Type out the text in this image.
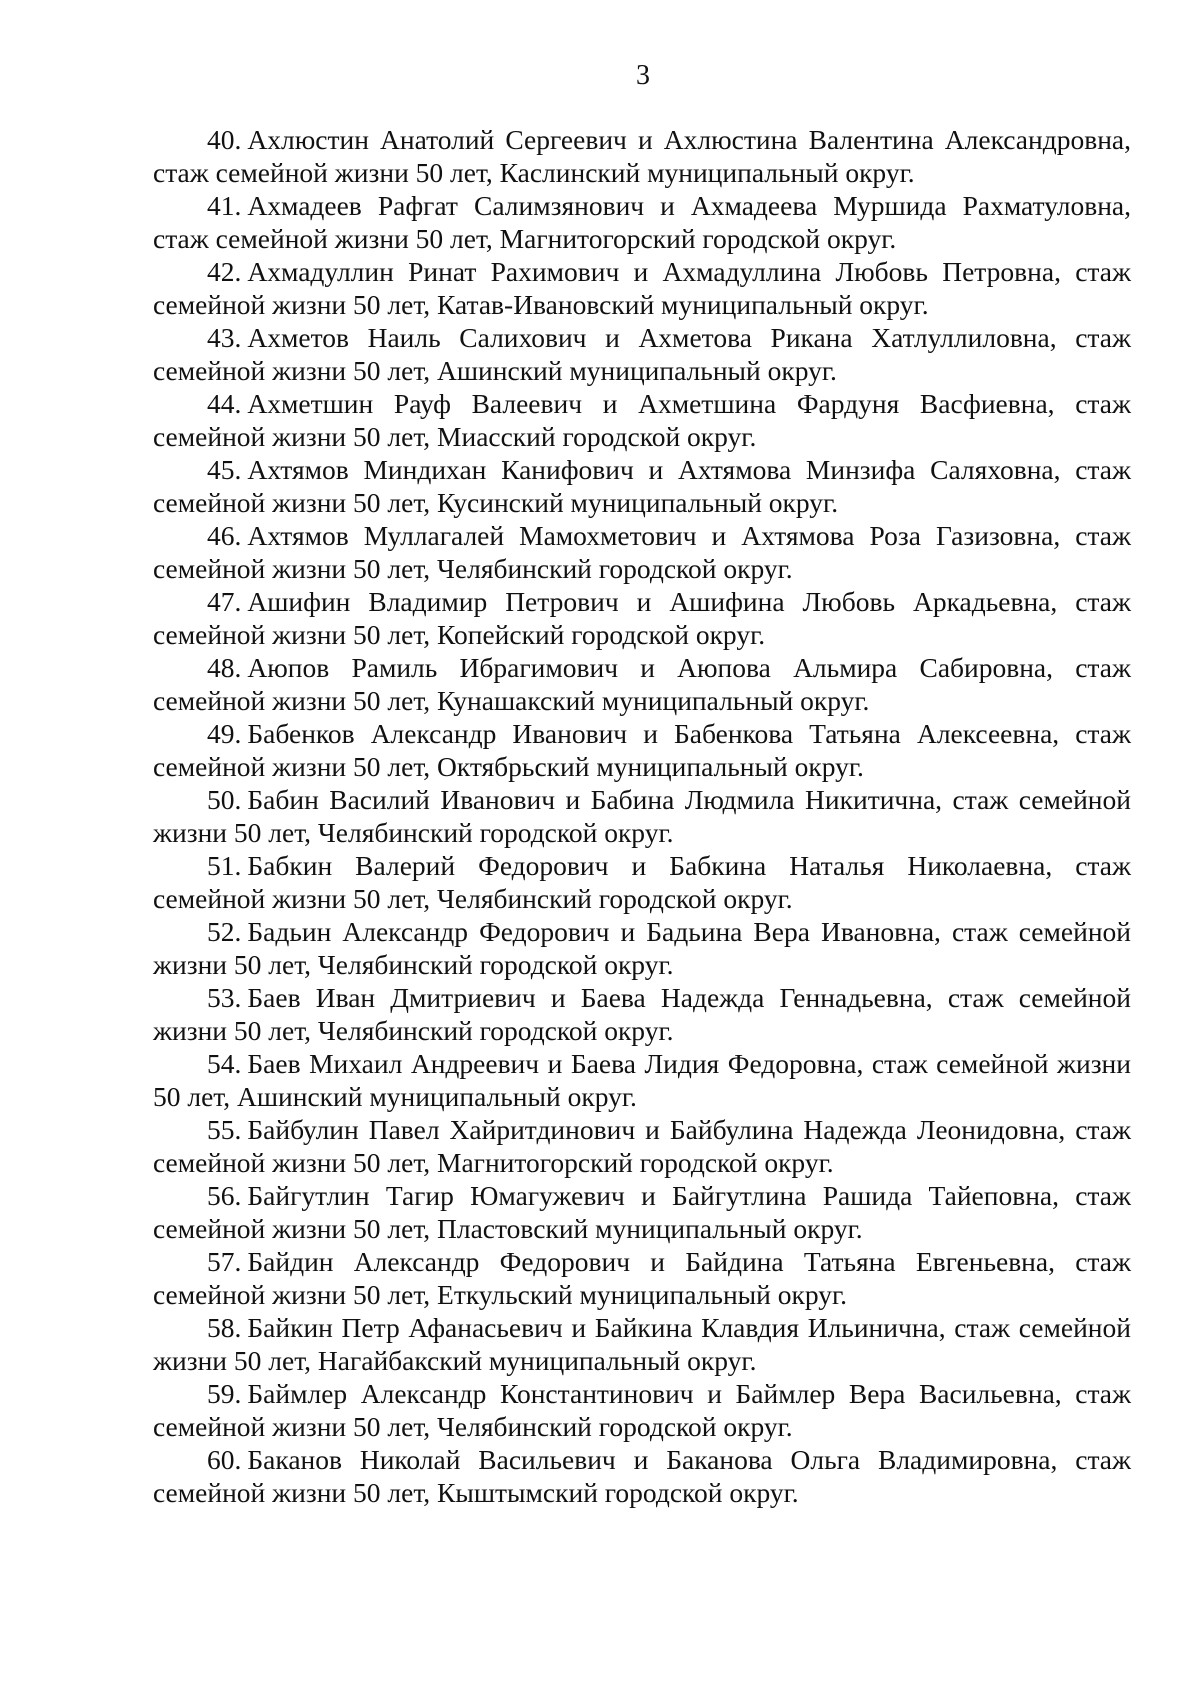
3

40. Ахлюстин Анатолий Сергеевич и Ахлюстина Валентина Александровна, стаж семейной жизни 50 лет, Каслинский муниципальный округ.

41. Ахмадеев Рафгат Салимзянович и Ахмадеева Муршида Рахматуловна, стаж семейной жизни 50 лет, Магнитогорский городской округ.

42. Ахмадуллин Ринат Рахимович и Ахмадуллина Любовь Петровна, стаж семейной жизни 50 лет, Катав-Ивановский муниципальный округ.

43. Ахметов Наиль Салихович и Ахметова Рикана Хатлуллиловна, стаж семейной жизни 50 лет, Ашинский муниципальный округ.

44. Ахметшин Рауф Валеевич и Ахметшина Фардуня Васфиевна, стаж семейной жизни 50 лет, Миасский городской округ.

45. Ахтямов Миндихан Канифович и Ахтямова Минзифа Саляховна, стаж семейной жизни 50 лет, Кусинский муниципальный округ.

46. Ахтямов Муллагалей Мамохметович и Ахтямова Роза Газизовна, стаж семейной жизни 50 лет, Челябинский городской округ.

47. Ашифин Владимир Петрович и Ашифина Любовь Аркадьевна, стаж семейной жизни 50 лет, Копейский городской округ.

48. Аюпов Рамиль Ибрагимович и Аюпова Альмира Сабировна, стаж семейной жизни 50 лет, Кунашакский муниципальный округ.

49. Бабенков Александр Иванович и Бабенкова Татьяна Алексеевна, стаж семейной жизни 50 лет, Октябрьский муниципальный округ.

50. Бабин Василий Иванович и Бабина Людмила Никитична, стаж семейной жизни 50 лет, Челябинский городской округ.

51. Бабкин Валерий Федорович и Бабкина Наталья Николаевна, стаж семейной жизни 50 лет, Челябинский городской округ.

52. Бадьин Александр Федорович и Бадьина Вера Ивановна, стаж семейной жизни 50 лет, Челябинский городской округ.

53. Баев Иван Дмитриевич и Баева Надежда Геннадьевна, стаж семейной жизни 50 лет, Челябинский городской округ.

54. Баев Михаил Андреевич и Баева Лидия Федоровна, стаж семейной жизни 50 лет, Ашинский муниципальный округ.

55. Байбулин Павел Хайритдинович и Байбулина Надежда Леонидовна, стаж семейной жизни 50 лет, Магнитогорский городской округ.

56. Байгутлин Тагир Юмагужевич и Байгутлина Рашида Тайеповна, стаж семейной жизни 50 лет, Пластовский муниципальный округ.

57. Байдин Александр Федорович и Байдина Татьяна Евгеньевна, стаж семейной жизни 50 лет, Еткульский муниципальный округ.

58. Байкин Петр Афанасьевич и Байкина Клавдия Ильинична, стаж семейной жизни 50 лет, Нагайбакский муниципальный округ.

59. Баймлер Александр Константинович и Баймлер Вера Васильевна, стаж семейной жизни 50 лет, Челябинский городской округ.

60. Баканов Николай Васильевич и Баканова Ольга Владимировна, стаж семейной жизни 50 лет, Кыштымский городской округ.
